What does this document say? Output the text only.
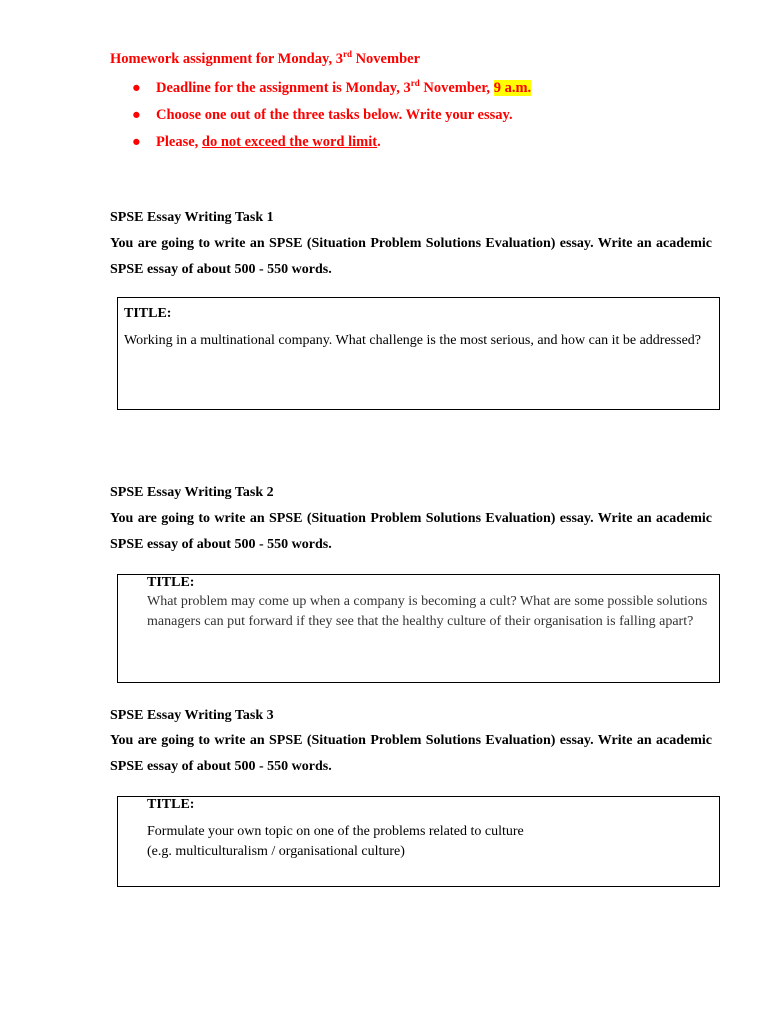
Homework assignment for Monday, 3rd November
● Deadline for the assignment is Monday, 3rd November, 9 a.m.
● Choose one out of the three tasks below. Write your essay.
● Please, do not exceed the word limit.
SPSE Essay Writing Task 1
You are going to write an SPSE (Situation Problem Solutions Evaluation) essay. Write an academic SPSE essay of about 500 - 550 words.
TITLE:
Working in a multinational company. What challenge is the most serious, and how can it be addressed?
SPSE Essay Writing Task 2
You are going to write an SPSE (Situation Problem Solutions Evaluation) essay. Write an academic SPSE essay of about 500 - 550 words.
TITLE:
What problem may come up when a company is becoming a cult? What are some possible solutions managers can put forward if they see that the healthy culture of their organisation is falling apart?
SPSE Essay Writing Task 3
You are going to write an SPSE (Situation Problem Solutions Evaluation) essay. Write an academic SPSE essay of about 500 - 550 words.
TITLE:
Formulate your own topic on one of the problems related to culture
(e.g. multiculturalism / organisational culture)
